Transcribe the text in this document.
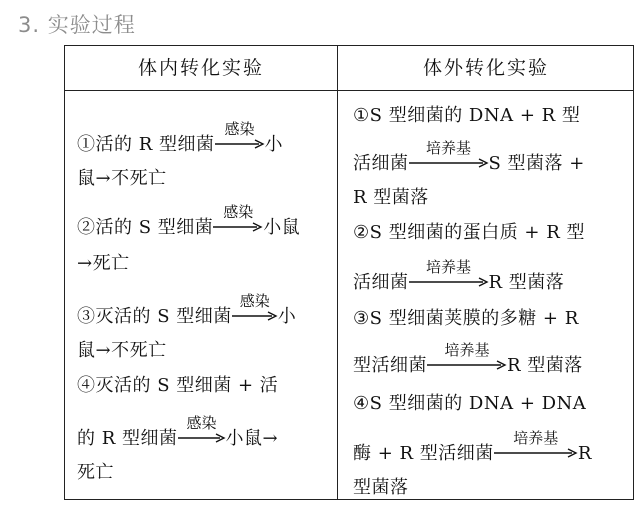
3. 实验过程
体内转化实验	体外转化实验
①活的 R 型细菌
感染
小
鼠→不死亡
②活的 S 型细菌
感染
小鼠
→死亡
③灭活的 S 型细菌
感染
小
鼠→不死亡
④灭活的 S 型细菌 + 活
的 R 型细菌
感染
小鼠→
死亡
①S 型细菌的 DNA + R 型
活细菌
培养基
S 型菌落 +
R 型菌落
②S 型细菌的蛋白质 + R 型
活细菌
培养基
R 型菌落
③S 型细菌荚膜的多糖 + R
型活细菌
培养基
R 型菌落
④S 型细菌的 DNA + DNA
酶 + R 型活细菌
培养基
R
型菌落
